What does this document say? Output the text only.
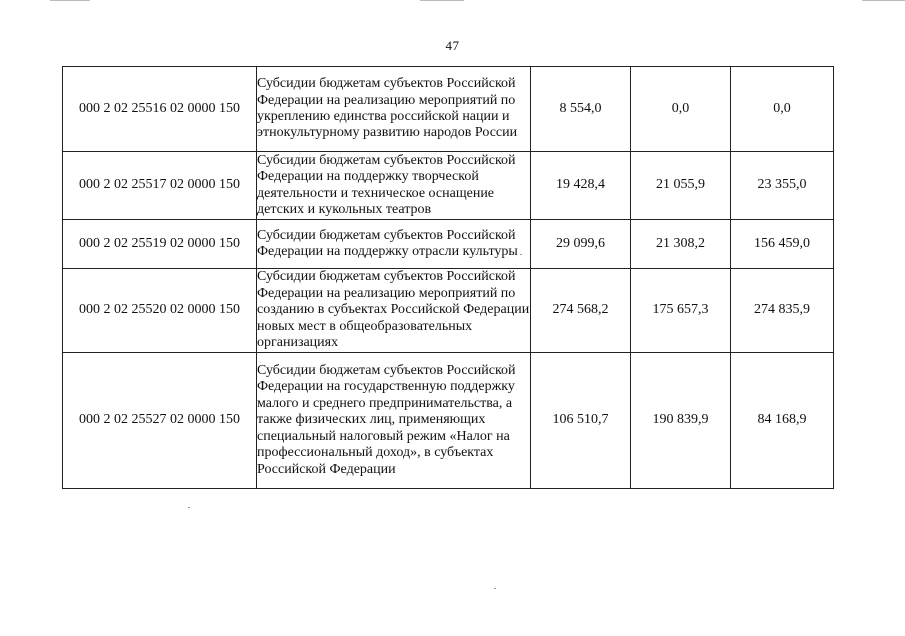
47
000 2 02 25516 02 0000 150	Субсидии бюджетам субъектов Российской Федерации на реализацию мероприятий по укреплению единства российской нации и этнокультурному развитию народов России	8 554,0	0,0	0,0
000 2 02 25517 02 0000 150	Субсидии бюджетам субъектов Российской Федерации на поддержку творческой деятельности и техническое оснащение детских и кукольных театров	19 428,4	21 055,9	23 355,0
000 2 02 25519 02 0000 150	Субсидии бюджетам субъектов Российской Федерации на поддержку отрасли культуры	29 099,6	21 308,2	156 459,0
000 2 02 25520 02 0000 150	Субсидии бюджетам субъектов Российской Федерации на реализацию мероприятий по созданию в субъектах Российской Федерации новых мест в общеобразовательных организациях	274 568,2	175 657,3	274 835,9
000 2 02 25527 02 0000 150	Субсидии бюджетам субъектов Российской Федерации на государственную поддержку малого и среднего предпринимательства, а также физических лиц, применяющих специальный налоговый режим «Налог на профессиональный доход», в субъектах Российской Федерации	106 510,7	190 839,9	84 168,9
